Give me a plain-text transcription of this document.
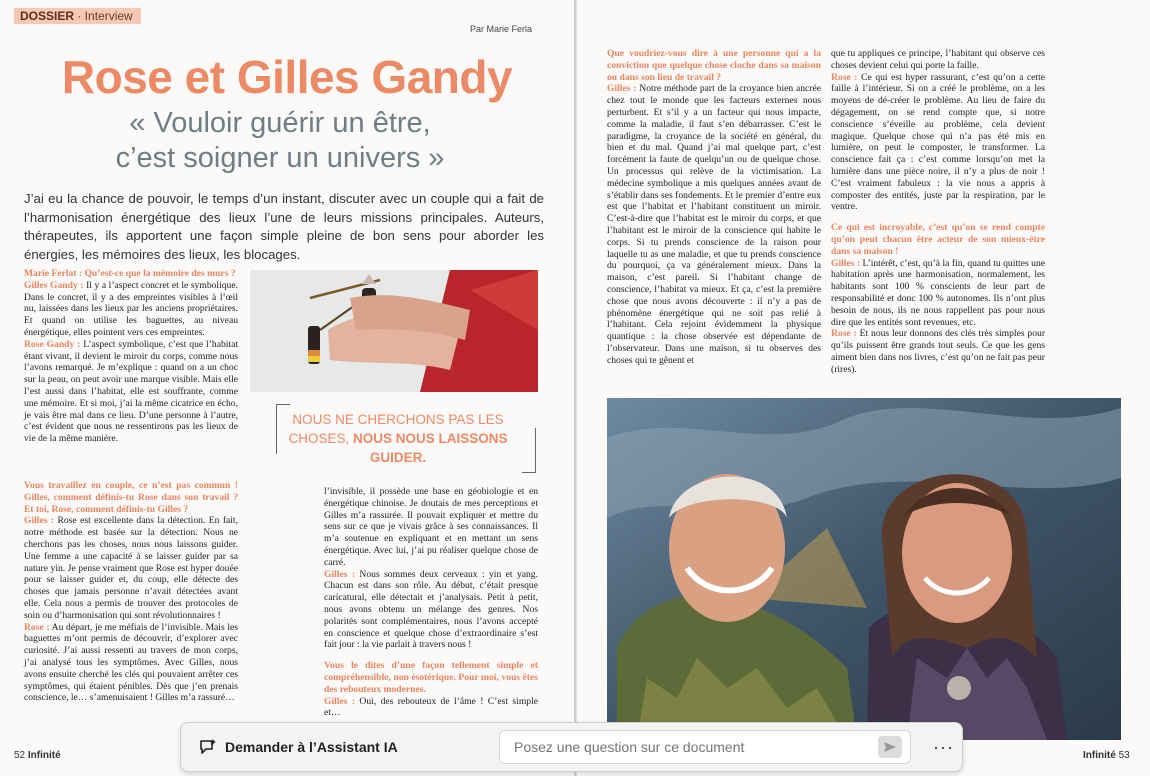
DOSSIER · Interview
Par Marie Ferla
Rose et Gilles Gandy
« Vouloir guérir un être,
c’est soigner un univers »
J’ai eu la chance de pouvoir, le temps d’un instant, discuter avec un couple qui a fait de l’harmonisation énergétique des lieux l’une de leurs missions principales. Auteurs, thérapeutes, ils apportent une façon simple pleine de bon sens pour aborder les énergies, les mémoires des lieux, les blocages.

Marie Ferlat : Qu’est-ce que la mémoire des murs ?

Gilles Gandy : Il y a l’aspect concret et le symbolique. Dans le concret, il y a des empreintes visibles à l’œil nu, laissées dans les lieux par les anciens propriétaires. Et quand on utilise les baguettes, au niveau énergétique, elles pointent vers ces empreintes.

Rose Gandy : L’aspect symbolique, c’est que l’habitat étant vivant, il devient le miroir du corps, comme nous l’avons remarqué. Je m’explique : quand on a un choc sur la peau, on peut avoir une marque visible. Mais elle l’est aussi dans l’habitat, elle est souffrante, comme une mémoire. Et si moi, j’ai la même cicatrice en écho, je vais être mal dans ce lieu. D’une personne à l’autre, c’est évident que nous ne ressentirons pas les lieux de vie de la même manière.

NOUS NE CHERCHONS PAS LES CHOSES, NOUS NOUS LAISSONS GUIDER.

Vous travaillez en couple, ce n’est pas commun ! Gilles, comment définis-tu Rose dans son travail ? Et toi, Rose, comment définis-tu Gilles ?

Gilles : Rose est excellente dans la détection. En fait, notre méthode est basée sur la détection. Nous ne cherchons pas les choses, nous nous laissons guider. Une femme a une capacité à se laisser guider par sa nature yin. Je pense vraiment que Rose est hyper douée pour se laisser guider et, du coup, elle détecte des choses que jamais personne n’avait détectées avant elle. Cela nous a permis de trouver des protocoles de soin ou d’harmonisation qui sont révolutionnaires !

Rose : Au départ, je me méfiais de l’invisible. Mais les baguettes m’ont permis de découvrir, d’explorer avec curiosité. J’ai aussi ressenti au travers de mon corps, j’ai analysé tous les symptômes. Avec Gilles, nous avons ensuite cherché les clés qui pouvaient arrêter ces symptômes, qui étaient pénibles. Dès que j’en prenais conscience, le… s’amenuisaient ! Gilles m’a rassuré…

l’invisible, il possède une base en géobiologie et en énergétique chinoise. Je doutais de mes perceptions et Gilles m’a rassurée. Il pouvait expliquer et mettre du sens sur ce que je vivais grâce à ses connaissances. Il m’a soutenue en expliquant et en mettant un sens énergétique. Avec lui, j’ai pu réaliser quelque chose de carré.

Gilles : Nous sommes deux cerveaux : yin et yang. Chacun est dans son rôle. Au début, c’était presque caricatural, elle détectait et j’analysais. Petit à petit, nous avons obtenu un mélange des genres. Nos polarités sont complémentaires, nous l’avons accepté en conscience et quelque chose d’extraordinaire s’est fait jour : la vie parlait à travers nous !

Vous le dites d’une façon tellement simple et compréhensible, non ésotérique. Pour moi, vous êtes des rebouteux modernes.

Gilles : Oui, des rebouteux de l’âme ! C’est simple et…

52 Infinité

Que voudriez-vous dire à une personne qui a la conviction que quelque chose cloche dans sa maison ou dans son lieu de travail ?

Gilles : Notre méthode part de la croyance bien ancrée chez tout le monde que les facteurs externes nous perturbent. Et s’il y a un facteur qui nous impacte, comme la maladie, il faut s’en débarrasser. C’est le paradigme, la croyance de la société en général, du bien et du mal. Quand j’ai mal quelque part, c’est forcément la faute de quelqu’un ou de quelque chose. Un processus qui relève de la victimisation. La médecine symbolique a mis quelques années avant de s’établir dans ses fondements. Et le premier d’entre eux est que l’habitat et l’habitant constituent un miroir. C’est-à-dire que l’habitat est le miroir du corps, et que l’habitant est le miroir de la conscience qui habite le corps. Si tu prends conscience de la raison pour laquelle tu as une maladie, et que tu prends conscience du pourquoi, ça va généralement mieux. Dans la maison, c’est pareil. Si l’habitant change de conscience, l’habitat va mieux. Et ça, c’est la première chose que nous avons découverte : il n’y a pas de phénomène énergétique qui ne soit pas relié à l’habitant. Cela rejoint évidemment la physique quantique : la chose observée est dépendante de l’observateur. Dans une maison, si tu observes des choses qui te gênent et

que tu appliques ce principe, l’habitant qui observe ces choses devient celui qui porte la faille.

Rose : Ce qui est hyper rassurant, c’est qu’on a cette faille à l’intérieur. Si on a créé le problème, on a les moyens de dé-créer le problème. Au lieu de faire du dégagement, on se rend compte que, si notre conscience s’éveille au problème, cela devient magique. Quelque chose qui n’a pas été mis en lumière, on peut le composter, le transformer. La conscience fait ça : c’est comme lorsqu’on met la lumière dans une pièce noire, il n’y a plus de noir ! C’est vraiment fabuleux : la vie nous a appris à composter des entités, juste par la respiration, par le ventre.

Ce qui est incroyable, c’est qu’on se rend compte qu’on peut chacun être acteur de son mieux-être dans sa maison !

Gilles : L’intérêt, c’est, qu’à la fin, quand tu quittes une habitation après une harmonisation, normalement, les habitants sont 100 % conscients de leur part de responsabilité et donc 100 % autonomes. Ils n’ont plus besoin de nous, ils ne nous rappellent pas pour nous dire que les entités sont revenues, etc.

Rose : Et nous leur donnons des clés très simples pour qu’ils puissent être grands tout seuls. Ce que les gens aiment bien dans nos livres, c’est qu’on ne fait pas peur (rires).

Infinité 53
Demander à l’Assistant IA
Posez une question sur ce document	···
